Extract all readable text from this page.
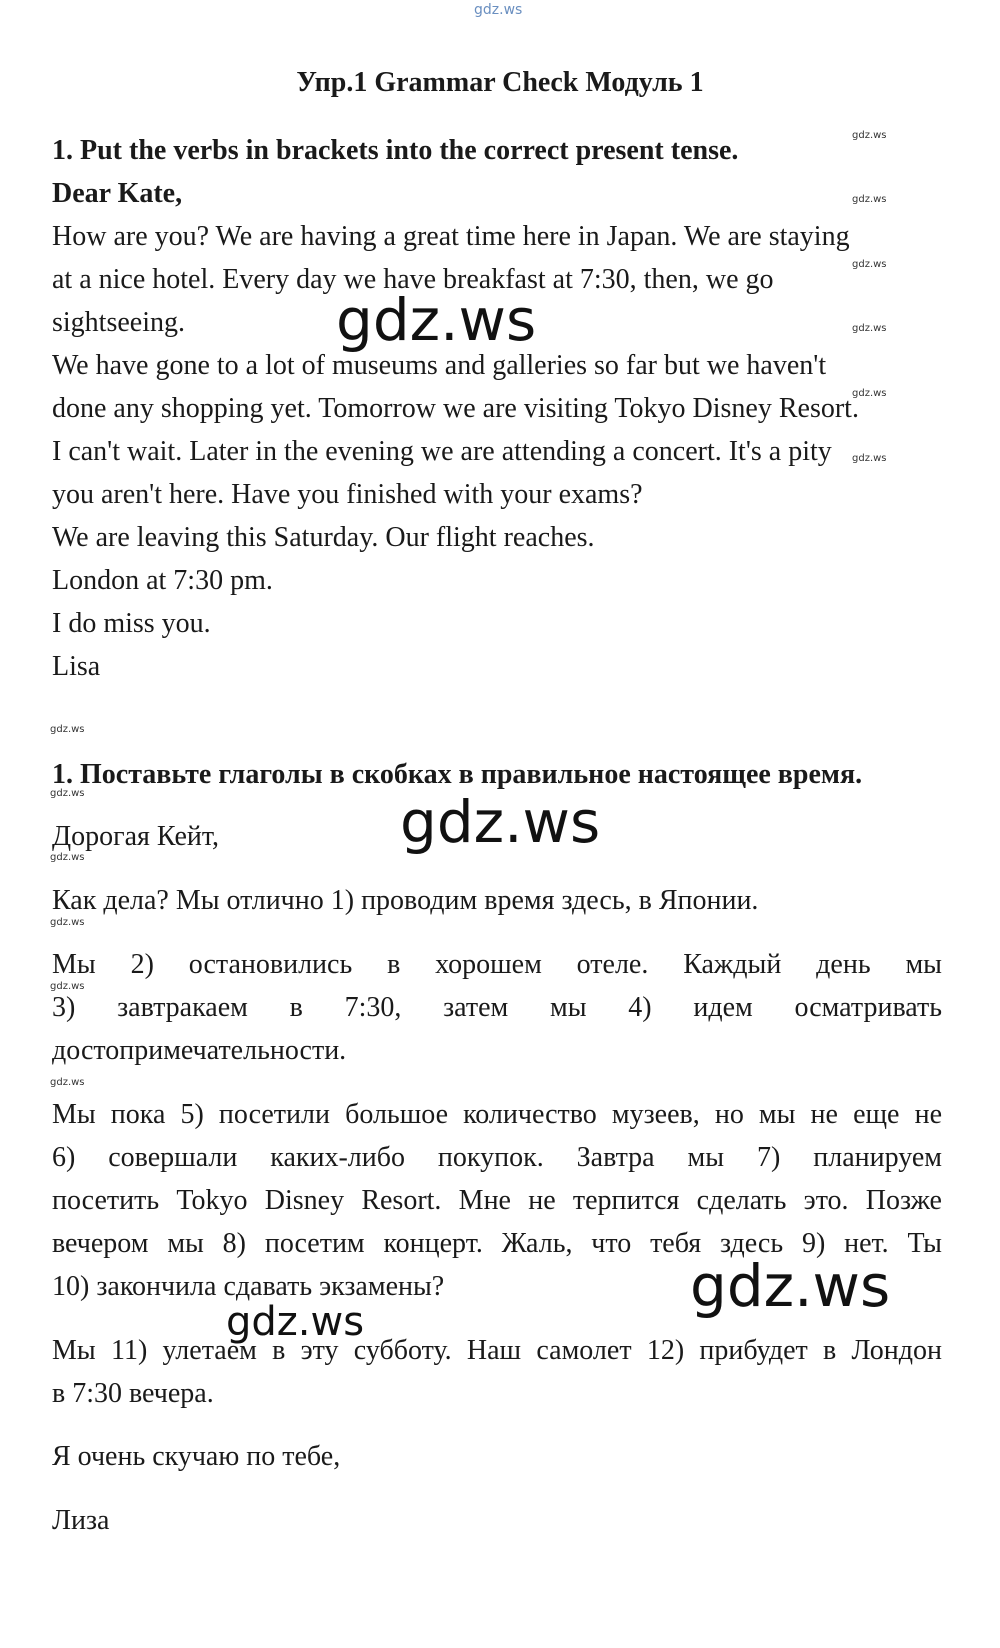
gdz.ws
Упр.1 Grammar Check Модуль 1
1. Put the verbs in brackets into the correct present tense.
Dear Kate,
How are you? We are having a great time here in Japan. We are staying
at a nice hotel. Every day we have breakfast at 7:30, then, we go
sightseeing.
We have gone to a lot of museums and galleries so far but we haven't
done any shopping yet. Tomorrow we are visiting Tokyo Disney Resort.
I can't wait. Later in the evening we are attending a concert. It's a pity
you aren't here. Have you finished with your exams?
We are leaving this Saturday. Our flight reaches.
London at 7:30 pm.
I do miss you.
Lisa
1. Поставьте глаголы в скобках в правильное настоящее время.
Дорогая Кейт,
Как дела? Мы отлично 1) проводим время здесь, в Японии.
Мы 2) остановились в хорошем отеле. Каждый день мы
3) завтракаем в 7:30, затем мы 4) идем осматривать
достопримечательности.
Мы пока 5) посетили большое количество музеев, но мы не еще не
6) совершали каких-либо покупок. Завтра мы 7) планируем
посетить Tokyo Disney Resort. Мне не терпится сделать это. Позже
вечером мы 8) посетим концерт. Жаль, что тебя здесь 9) нет. Ты
10) закончила сдавать экзамены?
Мы 11) улетаем в эту субботу. Наш самолет 12) прибудет в Лондон
в 7:30 вечера.
Я очень скучаю по тебе,
Лиза
gdz.ws
gdz.ws
gdz.ws
gdz.ws
gdz.ws
gdz.ws
gdz.ws
gdz.ws
gdz.ws
gdz.ws
gdz.ws
gdz.ws
gdz.ws
gdz.ws
gdz.ws
gdz.ws
